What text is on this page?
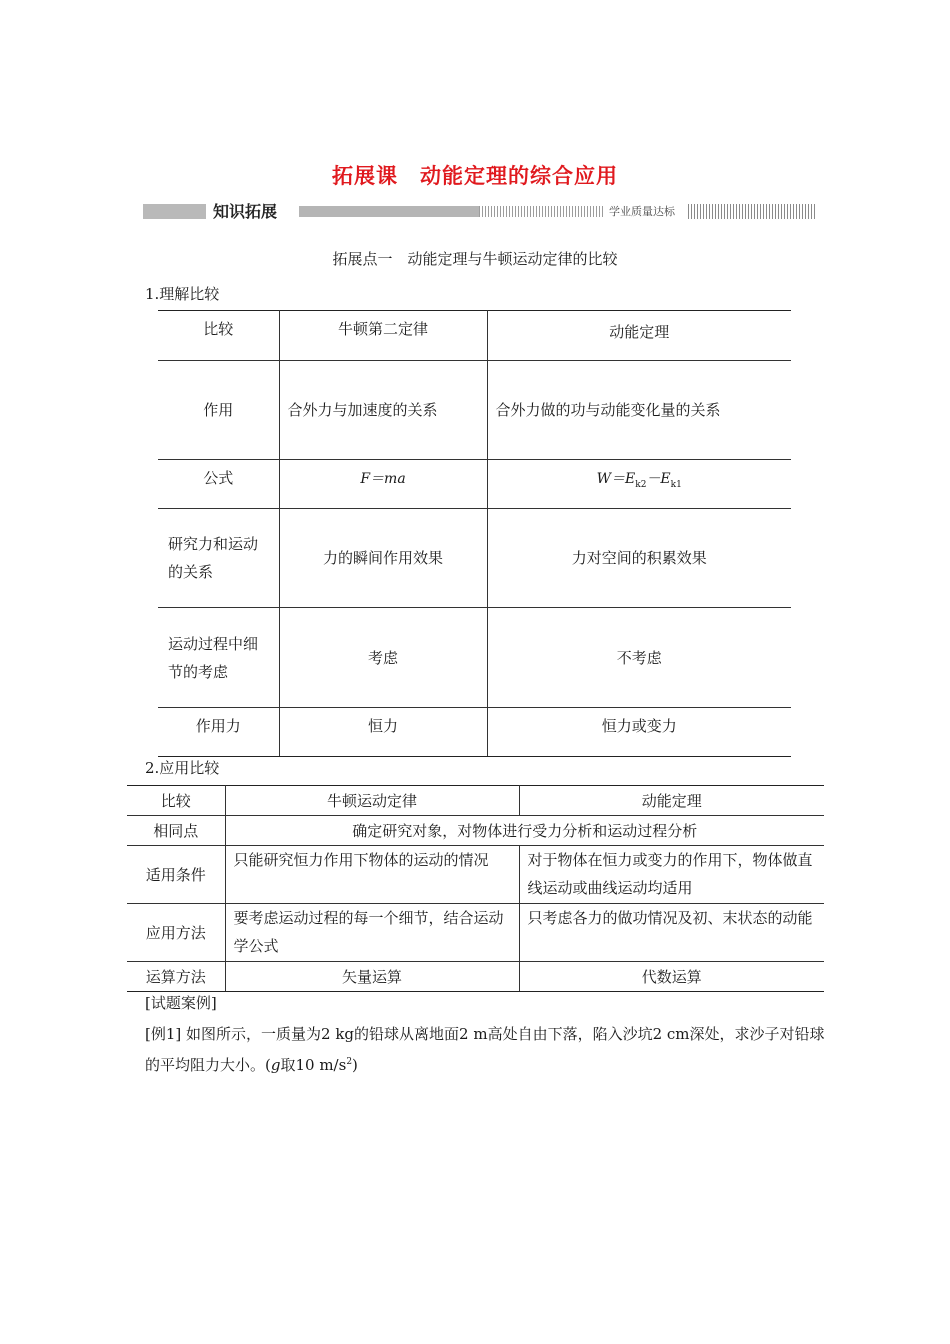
拓展课　动能定理的综合应用
知识拓展	学业质量达标
拓展点一　动能定理与牛顿运动定律的比较
1.理解比较
比较	牛顿第二定律	动能定理
作用	合外力与加速度的关系	合外力做的功与动能变化量的关系
公式	F＝ma	$W=E_{k2}-E_{k1}$
研究力和运动的关系	力的瞬间作用效果	力对空间的积累效果
运动过程中细节的考虑	考虑	不考虑
作用力	恒力	恒力或变力
2.应用比较
比较	牛顿运动定律	动能定理
相同点	确定研究对象，对物体进行受力分析和运动过程分析	
适用条件	只能研究恒力作用下物体的运动的情况	对于物体在恒力或变力的作用下，物体做直线运动或曲线运动均适用
应用方法	要考虑运动过程的每一个细节，结合运动学公式	只考虑各力的做功情况及初、末状态的动能
运算方法	矢量运算	代数运算
[试题案例]
[例1] 如图所示，一质量为2 kg的铅球从离地面2 m高处自由下落，陷入沙坑2 cm深处，求沙子对铅球的平均阻力大小。(g取10 $m/s^2$)
